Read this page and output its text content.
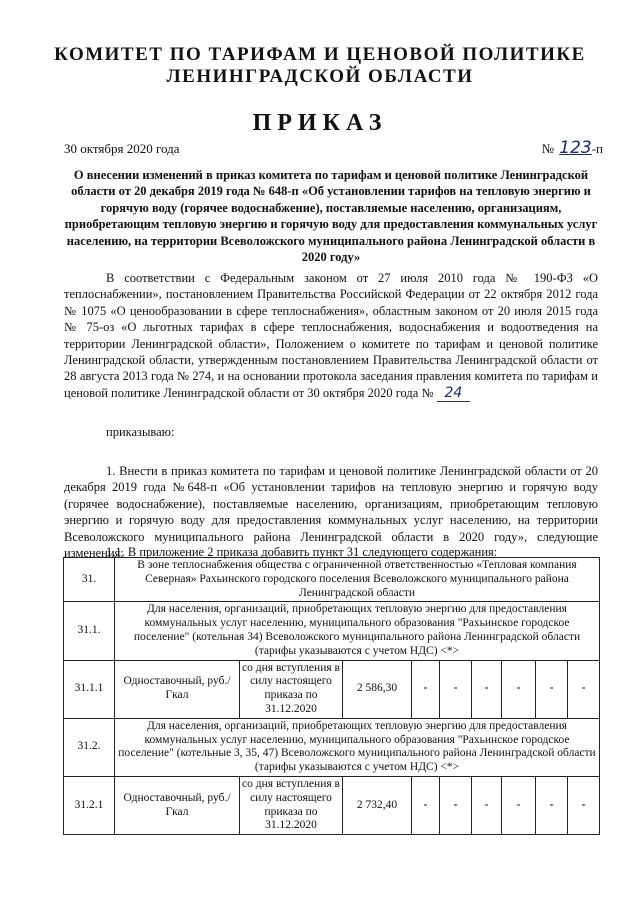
КОМИТЕТ ПО ТАРИФАМ И ЦЕНОВОЙ ПОЛИТИКЕ
ЛЕНИНГРАДСКОЙ ОБЛАСТИ
ПРИКАЗ
30 октября 2020 года	№ 123-п
О внесении изменений в приказ комитета по тарифам и ценовой политике Ленинградской области от 20 декабря 2019 года № 648-п «Об установлении тарифов на тепловую энергию и горячую воду (горячее водоснабжение), поставляемые населению, организациям, приобретающим тепловую энергию и горячую воду для предоставления коммунальных услуг населению, на территории Всеволожского муниципального района Ленинградской области в 2020 году»
В соответствии с Федеральным законом от 27 июля 2010 года № 190-ФЗ «О теплоснабжении», постановлением Правительства Российской Федерации от 22 октября 2012 года № 1075 «О ценообразовании в сфере теплоснабжения», областным законом от 20 июля 2015 года № 75-оз «О льготных тарифах в сфере теплоснабжения, водоснабжения и водоотведения на территории Ленинградской области», Положением о комитете по тарифам и ценовой политике Ленинградской области, утвержденным постановлением Правительства Ленинградской области от 28 августа 2013 года № 274, и на основании протокола заседания правления комитета по тарифам и ценовой политике Ленинградской области от 30 октября 2020 года № 24
приказываю:
1. Внести в приказ комитета по тарифам и ценовой политике Ленинградской области от 20 декабря 2019 года №648-п «Об установлении тарифов на тепловую энергию и горячую воду (горячее водоснабжение), поставляемые населению, организациям, приобретающим тепловую энергию и горячую воду для предоставления коммунальных услуг населению, на территории Всеволожского муниципального района Ленинградской области в 2020 году», следующие изменения:
1.1. В приложение 2 приказа добавить пункт 31 следующего содержания:
31.	В зоне теплоснабжения общества с ограниченной ответственностью «Тепловая компания Северная» Рахьинского городского поселения Всеволожского муниципального района Ленинградской области								
31.1.	Для населения, организаций, приобретающих тепловую энергию для предоставления коммунальных услуг населению, муниципального образования "Рахьинское городское поселение" (котельная 34) Всеволожского муниципального района Ленинградской области (тарифы указываются с учетом НДС) <*>								
31.1.1	Одноставочный, руб./Гкал	со дня вступления в силу настоящего приказа по 31.12.2020	2 586,30	-	-	-	-	-	-
31.2.	Для населения, организаций, приобретающих тепловую энергию для предоставления коммунальных услуг населению, муниципального образования "Рахьинское городское поселение" (котельные 3, 35, 47) Всеволожского муниципального района Ленинградской области (тарифы указываются с учетом НДС) <*>								
31.2.1	Одноставочный, руб./Гкал	со дня вступления в силу настоящего приказа по 31.12.2020	2 732,40	-	-	-	-	-	-
